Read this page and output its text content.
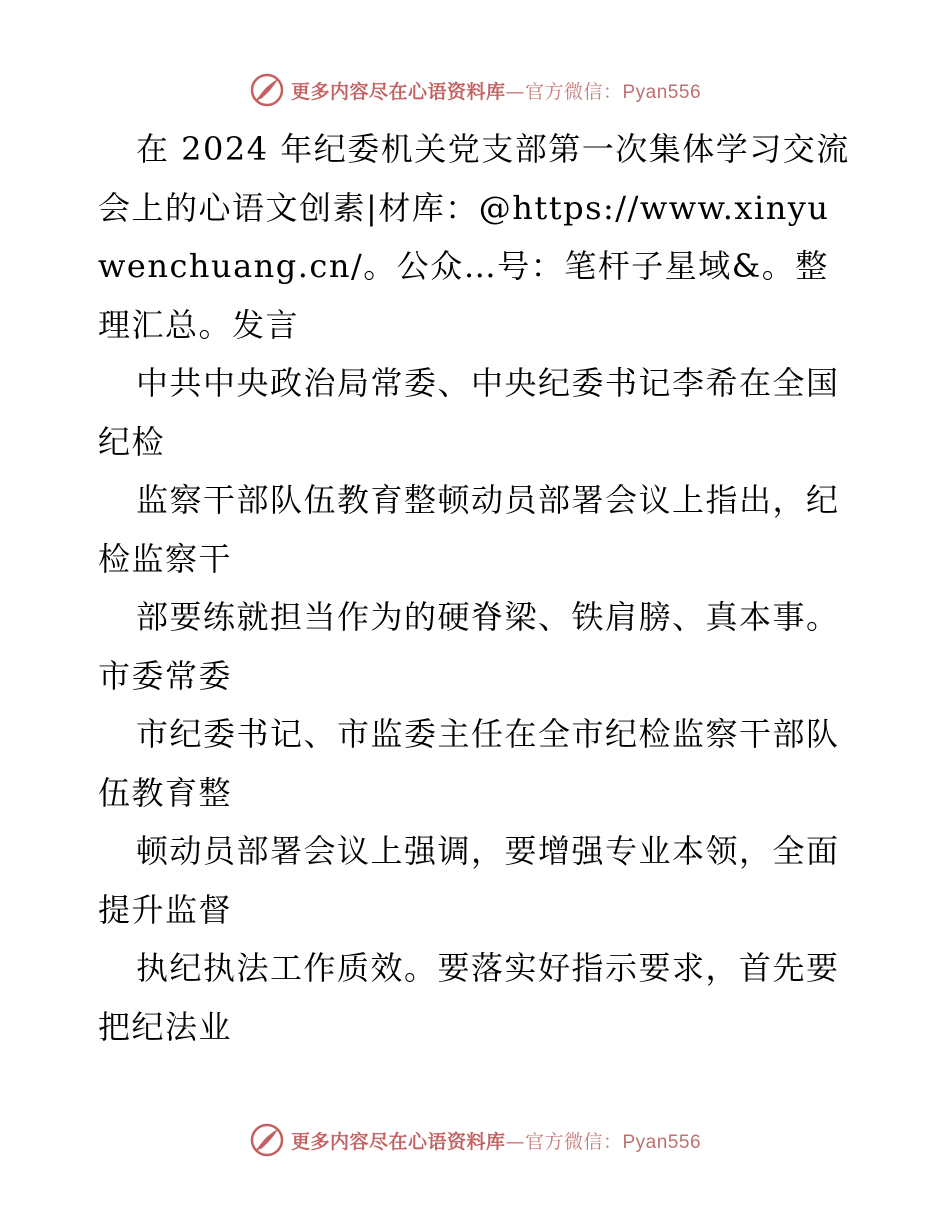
更多内容尽在心语资料库—官方微信：Pyan556

在 2024 年纪委机关党支部第一次集体学习交流会上的心语文创素|材库：@https://www.xinyuwenchuang.cn/。公众…号：笔杆子星域&。整理汇总。发言

中共中央政治局常委、中央纪委书记李希在全国纪检

监察干部队伍教育整顿动员部署会议上指出，纪检监察干

部要练就担当作为的硬脊梁、铁肩膀、真本事。市委常委

市纪委书记、市监委主任在全市纪检监察干部队伍教育整

顿动员部署会议上强调，要增强专业本领，全面提升监督

执纪执法工作质效。要落实好指示要求，首先要把纪法业

更多内容尽在心语资料库—官方微信：Pyan556
